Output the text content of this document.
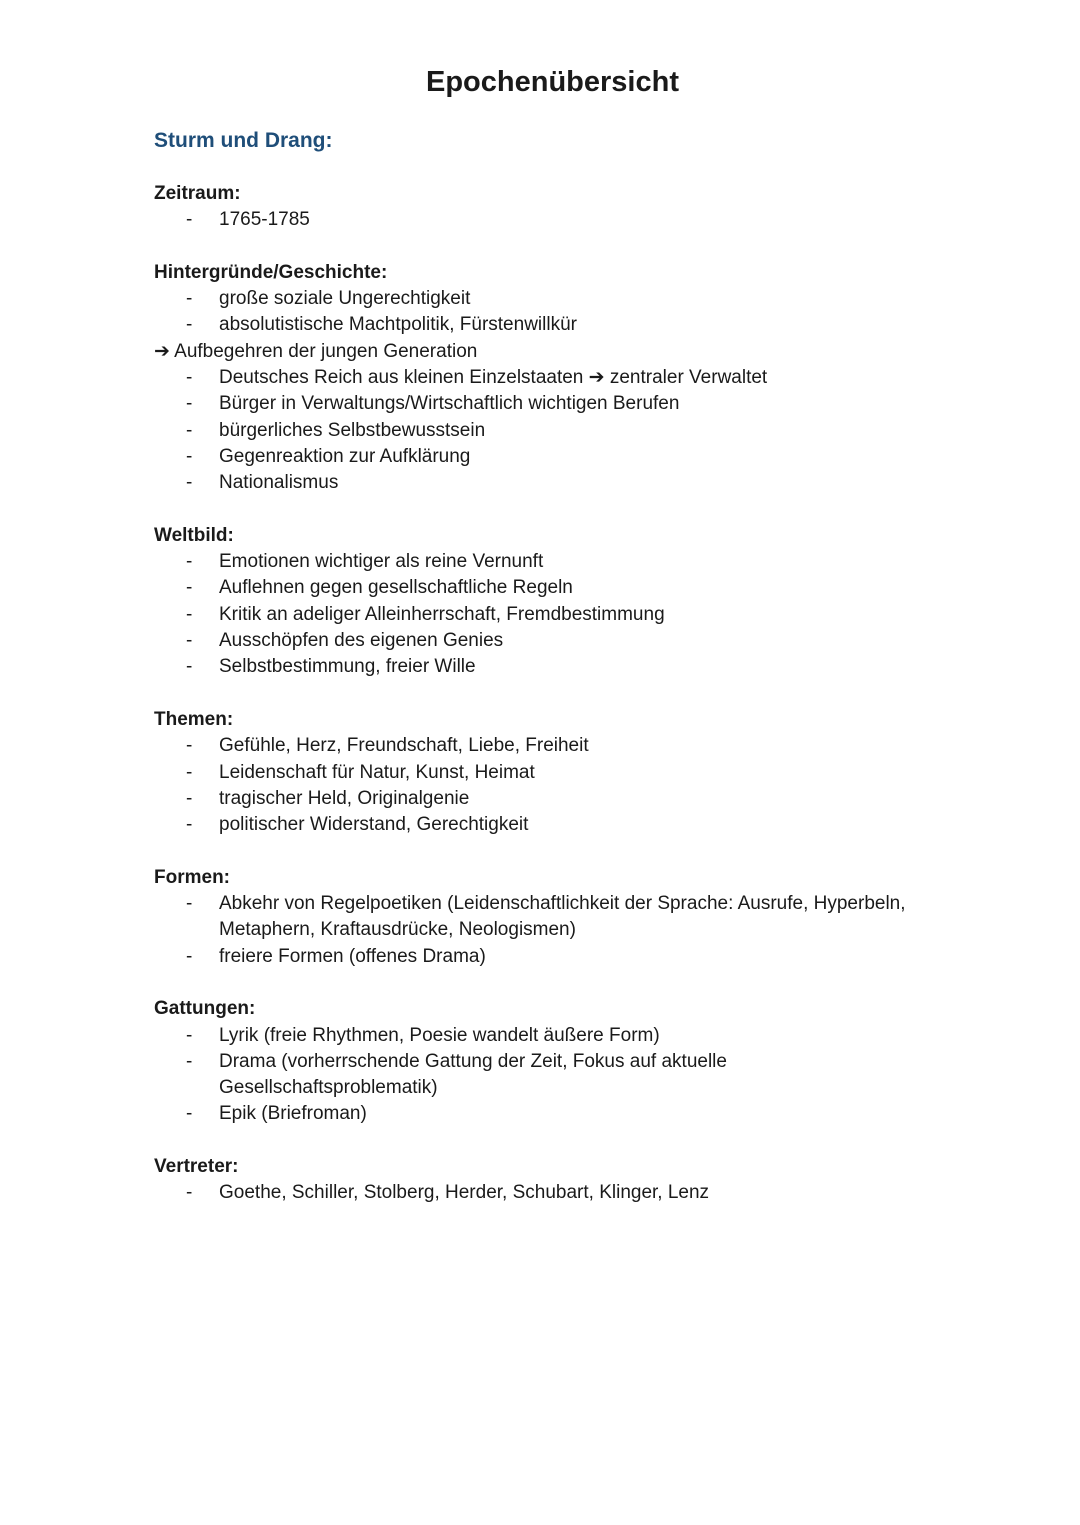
Epochenübersicht
Sturm und Drang:
Zeitraum:
- 1765-1785
Hintergründe/Geschichte:
- große soziale Ungerechtigkeit
- absolutistische Machtpolitik, Fürstenwillkür
➔ Aufbegehren der jungen Generation
- Deutsches Reich aus kleinen Einzelstaaten ➔ zentraler Verwaltet
- Bürger in Verwaltungs/Wirtschaftlich wichtigen Berufen
- bürgerliches Selbstbewusstsein
- Gegenreaktion zur Aufklärung
- Nationalismus
Weltbild:
- Emotionen wichtiger als reine Vernunft
- Auflehnen gegen gesellschaftliche Regeln
- Kritik an adeliger Alleinherrschaft, Fremdbestimmung
- Ausschöpfen des eigenen Genies
- Selbstbestimmung, freier Wille
Themen:
- Gefühle, Herz, Freundschaft, Liebe, Freiheit
- Leidenschaft für Natur, Kunst, Heimat
- tragischer Held, Originalgenie
- politischer Widerstand, Gerechtigkeit
Formen:
- Abkehr von Regelpoetiken (Leidenschaftlichkeit der Sprache: Ausrufe, Hyperbeln, Metaphern, Kraftausdrücke, Neologismen)
- freiere Formen (offenes Drama)
Gattungen:
- Lyrik (freie Rhythmen, Poesie wandelt äußere Form)
- Drama (vorherrschende Gattung der Zeit, Fokus auf aktuelle Gesellschaftsproblematik)
- Epik (Briefroman)
Vertreter:
- Goethe, Schiller, Stolberg, Herder, Schubart, Klinger, Lenz
